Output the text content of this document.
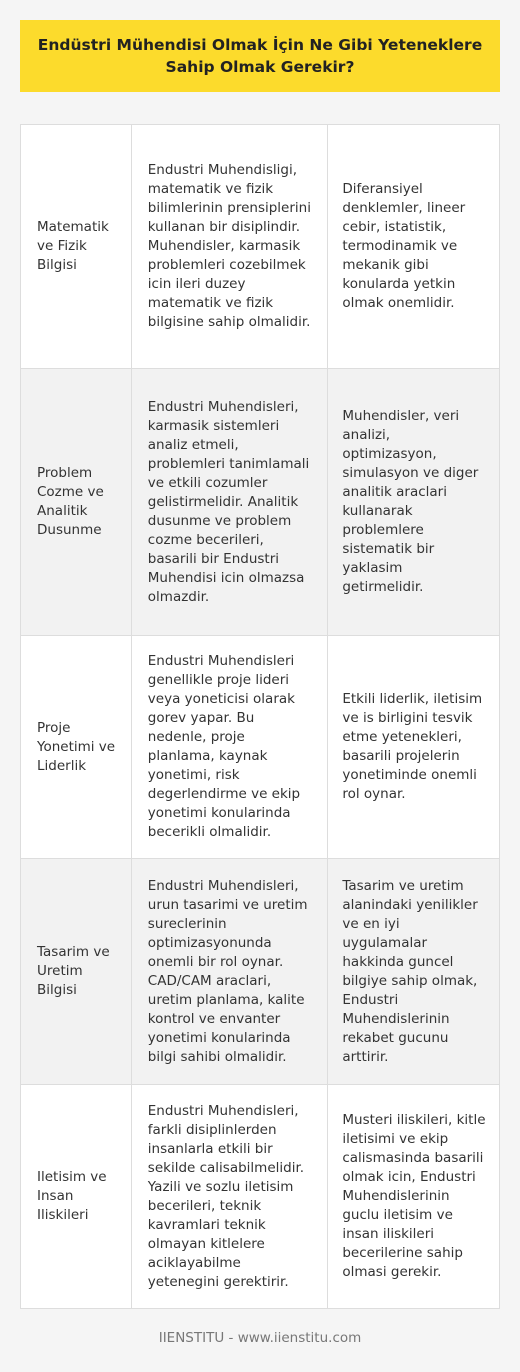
Endüstri Mühendisi Olmak İçin Ne Gibi Yeteneklere Sahip Olmak Gerekir?
Matematik ve Fizik Bilgisi
Endustri Muhendisligi, matematik ve fizik bilimlerinin prensiplerini kullanan bir disiplindir. Muhendisler, karmasik problemleri cozebilmek icin ileri duzey matematik ve fizik bilgisine sahip olmalidir.
Diferansiyel denklemler, lineer cebir, istatistik, termodinamik ve mekanik gibi konularda yetkin olmak onemlidir.
Problem Cozme ve Analitik Dusunme
Endustri Muhendisleri, karmasik sistemleri analiz etmeli, problemleri tanimlamali ve etkili cozumler gelistirmelidir. Analitik dusunme ve problem cozme becerileri, basarili bir Endustri Muhendisi icin olmazsa olmazdir.
Muhendisler, veri analizi, optimizasyon, simulasyon ve diger analitik araclari kullanarak problemlere sistematik bir yaklasim getirmelidir.
Proje Yonetimi ve Liderlik
Endustri Muhendisleri genellikle proje lideri veya yoneticisi olarak gorev yapar. Bu nedenle, proje planlama, kaynak yonetimi, risk degerlendirme ve ekip yonetimi konularinda becerikli olmalidir.
Etkili liderlik, iletisim ve is birligini tesvik etme yetenekleri, basarili projelerin yonetiminde onemli rol oynar.
Tasarim ve Uretim Bilgisi
Endustri Muhendisleri, urun tasarimi ve uretim sureclerinin optimizasyonunda onemli bir rol oynar. CAD/CAM araclari, uretim planlama, kalite kontrol ve envanter yonetimi konularinda bilgi sahibi olmalidir.
Tasarim ve uretim alanindaki yenilikler ve en iyi uygulamalar hakkinda guncel bilgiye sahip olmak, Endustri Muhendislerinin rekabet gucunu arttirir.
Iletisim ve Insan Iliskileri
Endustri Muhendisleri, farkli disiplinlerden insanlarla etkili bir sekilde calisabilmelidir. Yazili ve sozlu iletisim becerileri, teknik kavramlari teknik olmayan kitlelere aciklayabilme yetenegini gerektirir.
Musteri iliskileri, kitle iletisimi ve ekip calismasinda basarili olmak icin, Endustri Muhendislerinin guclu iletisim ve insan iliskileri becerilerine sahip olmasi gerekir.
IIENSTITU - www.iienstitu.com
